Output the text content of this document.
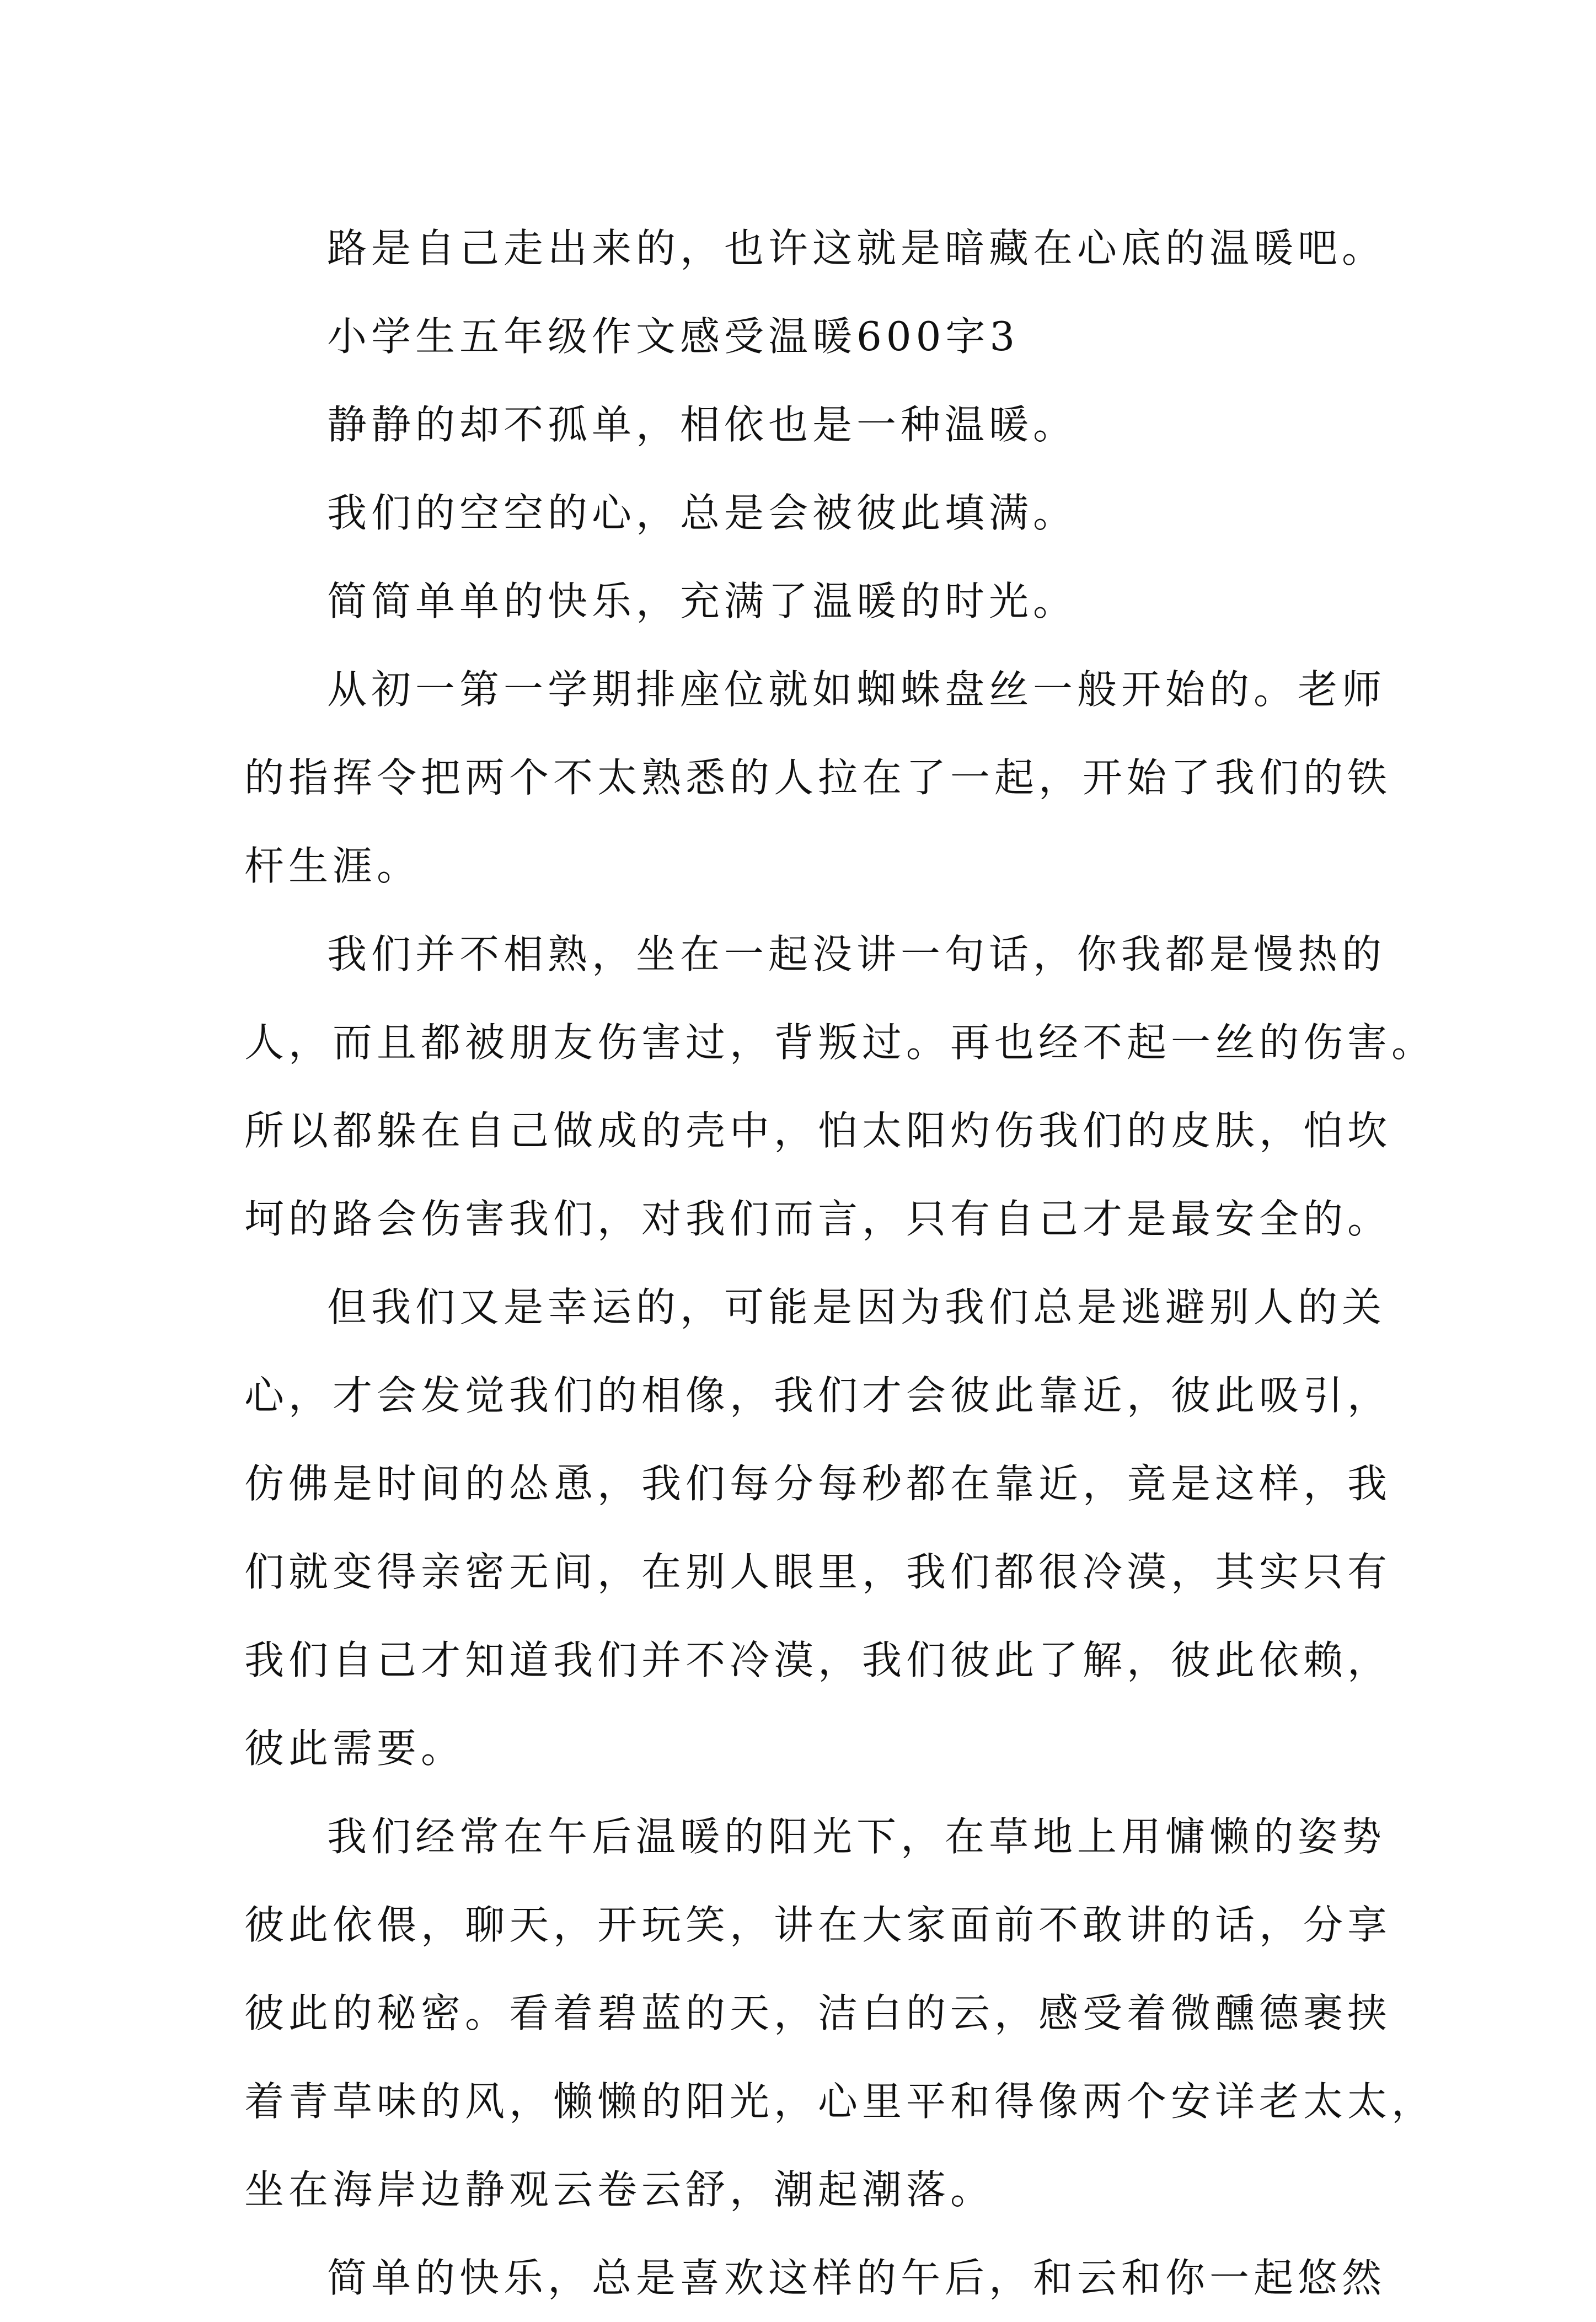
路是自己走出来的，也许这就是暗藏在心底的温暖吧。
小学生五年级作文感受温暖600字3
静静的却不孤单，相依也是一种温暖。
我们的空空的心，总是会被彼此填满。
简简单单的快乐，充满了温暖的时光。
从初一第一学期排座位就如蜘蛛盘丝一般开始的。老师
的指挥令把两个不太熟悉的人拉在了一起，开始了我们的铁
杆生涯。
我们并不相熟，坐在一起没讲一句话，你我都是慢热的
人，而且都被朋友伤害过，背叛过。再也经不起一丝的伤害。
所以都躲在自己做成的壳中，怕太阳灼伤我们的皮肤，怕坎
坷的路会伤害我们，对我们而言，只有自己才是最安全的。
但我们又是幸运的，可能是因为我们总是逃避别人的关
心，才会发觉我们的相像，我们才会彼此靠近，彼此吸引，
仿佛是时间的怂恿，我们每分每秒都在靠近，竟是这样，我
们就变得亲密无间，在别人眼里，我们都很冷漠，其实只有
我们自己才知道我们并不冷漠，我们彼此了解，彼此依赖，
彼此需要。
我们经常在午后温暖的阳光下，在草地上用慵懒的姿势
彼此依偎，聊天，开玩笑，讲在大家面前不敢讲的话，分享
彼此的秘密。看着碧蓝的天，洁白的云，感受着微醺德裹挟
着青草味的风，懒懒的阳光，心里平和得像两个安详老太太，
坐在海岸边静观云卷云舒，潮起潮落。
简单的快乐，总是喜欢这样的午后，和云和你一起悠然
